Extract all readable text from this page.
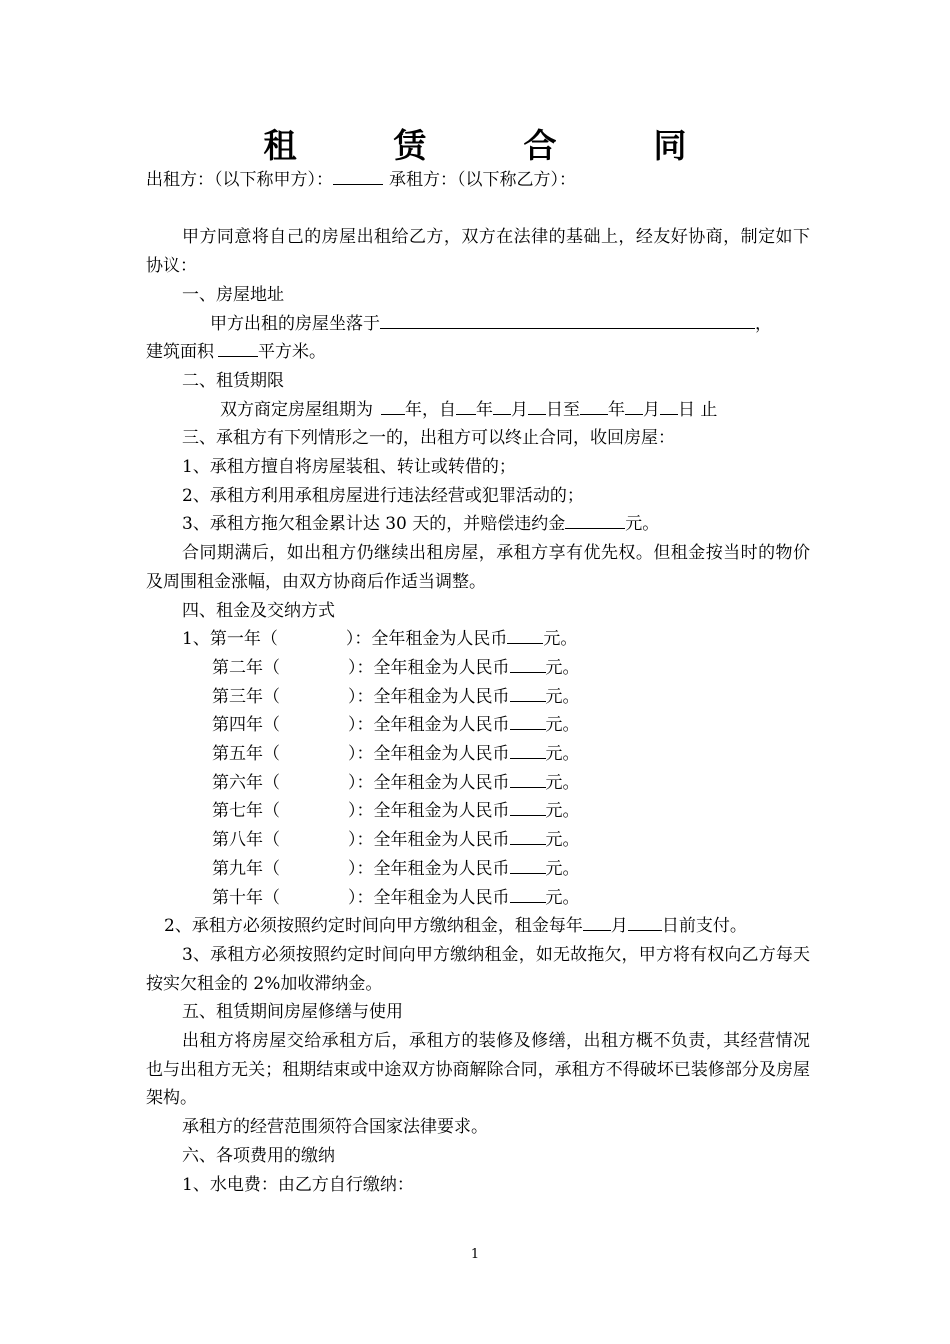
租　赁　合　同

出租方：（以下称甲方）：	承租方：（以下称乙方）：

甲方同意将自己的房屋出租给乙方，双方在法律的基础上，经友好协商，制定如下协议：

一、房屋地址

甲方出租的房屋坐落于	，

建筑面积	平方米。

二、租赁期限

双方商定房屋组期为 年，自 年 月 日至 年 月 日 止

三、承租方有下列情形之一的，出租方可以终止合同，收回房屋：

1、承租方擅自将房屋装租、转让或转借的；

2、承租方利用承租房屋进行违法经营或犯罪活动的；

3、承租方拖欠租金累计达 30 天的，并赔偿违约金	元。

合同期满后，如出租方仍继续出租房屋，承租方享有优先权。但租金按当时的物价及周围租金涨幅，由双方协商后作适当调整。

四、租金及交纳方式

1、第一年（	）：全年租金为人民币 元。

第二年（	）：全年租金为人民币 元。

第三年（	）：全年租金为人民币 元。

第四年（	）：全年租金为人民币 元。

第五年（	）：全年租金为人民币 元。

第六年（	）：全年租金为人民币 元。

第七年（	）：全年租金为人民币 元。

第八年（	）：全年租金为人民币 元。

第九年（	）：全年租金为人民币 元。

第十年（	）：全年租金为人民币 元。

2、承租方必须按照约定时间向甲方缴纳租金，租金每年 月 日前支付。

3、承租方必须按照约定时间向甲方缴纳租金，如无故拖欠，甲方将有权向乙方每天按实欠租金的 2%加收滞纳金。

五、租赁期间房屋修缮与使用

出租方将房屋交给承租方后，承租方的装修及修缮，出租方概不负责，其经营情况也与出租方无关；租期结束或中途双方协商解除合同，承租方不得破坏已装修部分及房屋架构。

承租方的经营范围须符合国家法律要求。

六、各项费用的缴纳

1、水电费：由乙方自行缴纳：

1
